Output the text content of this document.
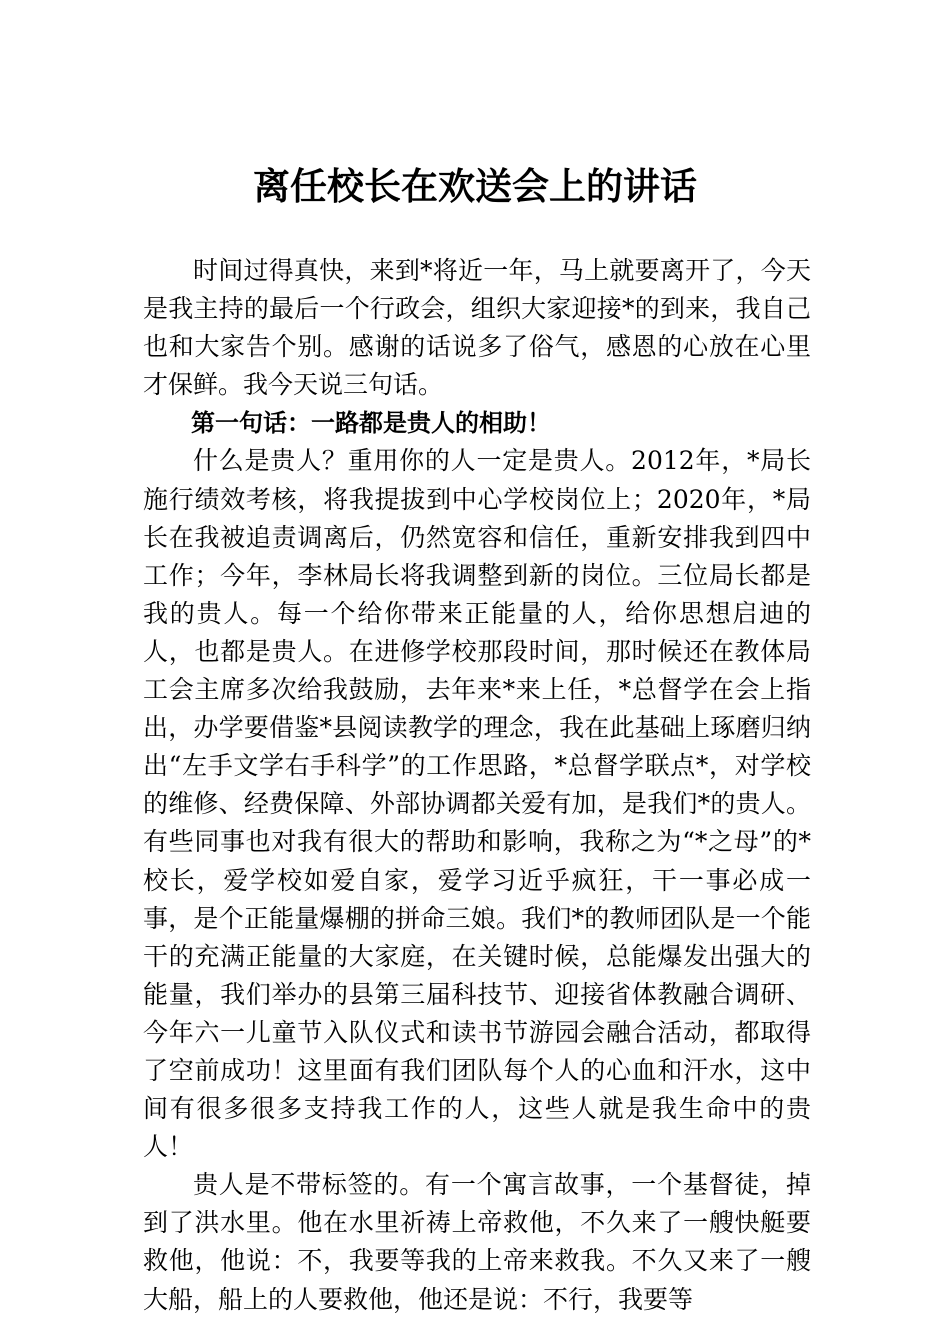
离任校长在欢送会上的讲话

时间过得真快，来到*将近一年，马上就要离开了，今天是我主持的最后一个行政会，组织大家迎接*的到来，我自己也和大家告个别。感谢的话说多了俗气，感恩的心放在心里才保鲜。我今天说三句话。

第一句话：一路都是贵人的相助！

什么是贵人？重用你的人一定是贵人。2012年，*局长施行绩效考核，将我提拔到中心学校岗位上；2020年，*局长在我被追责调离后，仍然宽容和信任，重新安排我到四中工作；今年，李林局长将我调整到新的岗位。三位局长都是我的贵人。每一个给你带来正能量的人，给你思想启迪的人，也都是贵人。在进修学校那段时间，那时候还在教体局工会主席多次给我鼓励，去年来*来上任，*总督学在会上指出，办学要借鉴*县阅读教学的理念，我在此基础上琢磨归纳出“左手文学右手科学”的工作思路，*总督学联点*，对学校的维修、经费保障、外部协调都关爱有加，是我们*的贵人。有些同事也对我有很大的帮助和影响，我称之为“*之母”的*校长，爱学校如爱自家，爱学习近乎疯狂，干一事必成一事，是个正能量爆棚的拼命三娘。我们*的教师团队是一个能干的充满正能量的大家庭，在关键时候，总能爆发出强大的能量，我们举办的县第三届科技节、迎接省体教融合调研、今年六一儿童节入队仪式和读书节游园会融合活动，都取得了空前成功！这里面有我们团队每个人的心血和汗水，这中间有很多很多支持我工作的人，这些人就是我生命中的贵人！

贵人是不带标签的。有一个寓言故事，一个基督徒，掉到了洪水里。他在水里祈祷上帝救他，不久来了一艘快艇要救他，他说：不，我要等我的上帝来救我。不久又来了一艘大船，船上的人要救他，他还是说：不行，我要等
